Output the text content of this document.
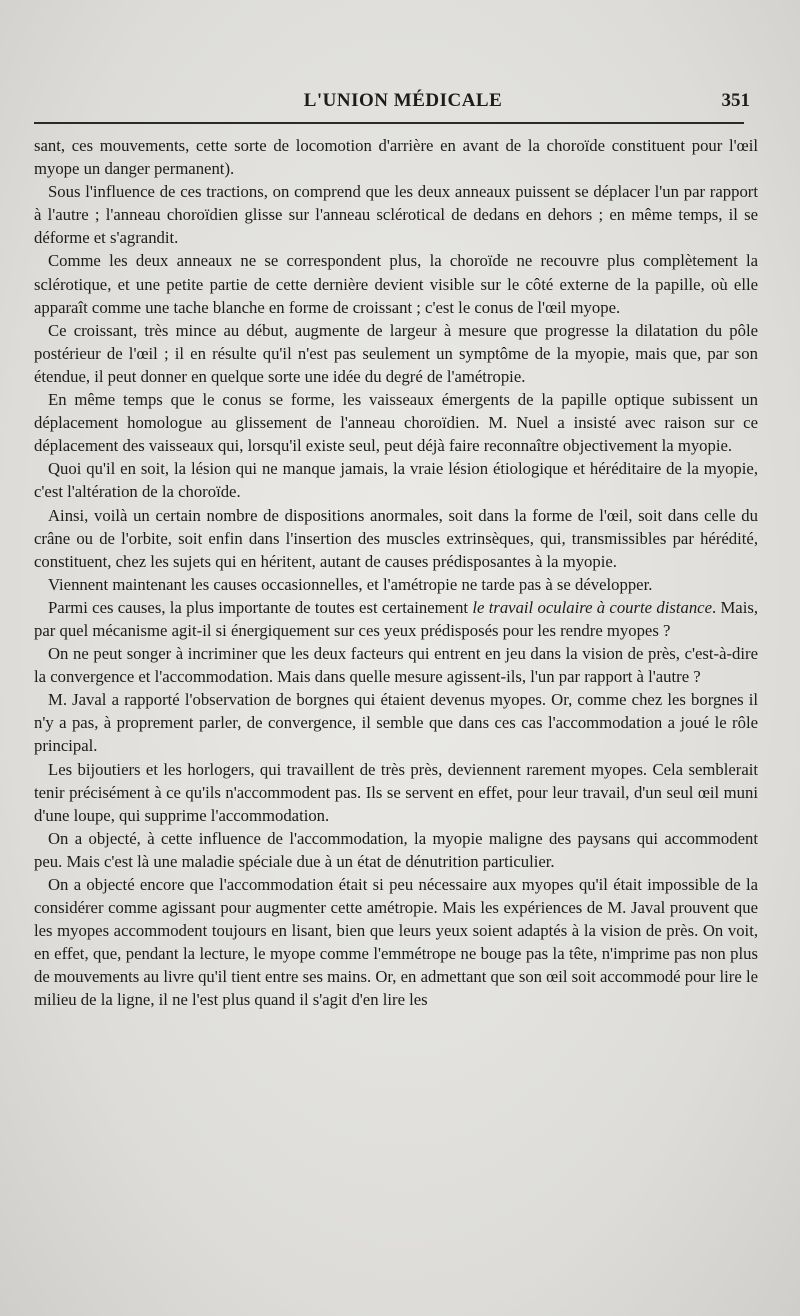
L'UNION MÉDICALE	351

sant, ces mouvements, cette sorte de locomotion d'arrière en avant de la choroïde constituent pour l'œil myope un danger permanent).

Sous l'influence de ces tractions, on comprend que les deux anneaux puissent se déplacer l'un par rapport à l'autre ; l'anneau choroïdien glisse sur l'anneau sclérotical de dedans en dehors ; en même temps, il se déforme et s'agrandit.

Comme les deux anneaux ne se correspondent plus, la choroïde ne recouvre plus complètement la sclérotique, et une petite partie de cette dernière devient visible sur le côté externe de la papille, où elle apparaît comme une tache blanche en forme de croissant ; c'est le conus de l'œil myope.

Ce croissant, très mince au début, augmente de largeur à mesure que progresse la dilatation du pôle postérieur de l'œil ; il en résulte qu'il n'est pas seulement un symptôme de la myopie, mais que, par son étendue, il peut donner en quelque sorte une idée du degré de l'amétropie.

En même temps que le conus se forme, les vaisseaux émergents de la papille optique subissent un déplacement homologue au glissement de l'anneau choroïdien. M. Nuel a insisté avec raison sur ce déplacement des vaisseaux qui, lorsqu'il existe seul, peut déjà faire reconnaître objectivement la myopie.

Quoi qu'il en soit, la lésion qui ne manque jamais, la vraie lésion étiologique et héréditaire de la myopie, c'est l'altération de la choroïde.

Ainsi, voilà un certain nombre de dispositions anormales, soit dans la forme de l'œil, soit dans celle du crâne ou de l'orbite, soit enfin dans l'insertion des muscles extrinsèques, qui, transmissibles par hérédité, constituent, chez les sujets qui en héritent, autant de causes prédisposantes à la myopie.

Viennent maintenant les causes occasionnelles, et l'amétropie ne tarde pas à se développer.

Parmi ces causes, la plus importante de toutes est certainement le travail oculaire à courte distance. Mais, par quel mécanisme agit-il si énergiquement sur ces yeux prédisposés pour les rendre myopes ?

On ne peut songer à incriminer que les deux facteurs qui entrent en jeu dans la vision de près, c'est-à-dire la convergence et l'accommodation. Mais dans quelle mesure agissent-ils, l'un par rapport à l'autre ?

M. Javal a rapporté l'observation de borgnes qui étaient devenus myopes. Or, comme chez les borgnes il n'y a pas, à proprement parler, de convergence, il semble que dans ces cas l'accommodation a joué le rôle principal.

Les bijoutiers et les horlogers, qui travaillent de très près, deviennent rarement myopes. Cela semblerait tenir précisément à ce qu'ils n'accommodent pas. Ils se servent en effet, pour leur travail, d'un seul œil muni d'une loupe, qui supprime l'accommodation.

On a objecté, à cette influence de l'accommodation, la myopie maligne des paysans qui accommodent peu. Mais c'est là une maladie spéciale due à un état de dénutrition particulier.

On a objecté encore que l'accommodation était si peu nécessaire aux myopes qu'il était impossible de la considérer comme agissant pour augmenter cette amétropie. Mais les expériences de M. Javal prouvent que les myopes accommodent toujours en lisant, bien que leurs yeux soient adaptés à la vision de près. On voit, en effet, que, pendant la lecture, le myope comme l'emmétrope ne bouge pas la tête, n'imprime pas non plus de mouvements au livre qu'il tient entre ses mains. Or, en admettant que son œil soit accommodé pour lire le milieu de la ligne, il ne l'est plus quand il s'agit d'en lire les
